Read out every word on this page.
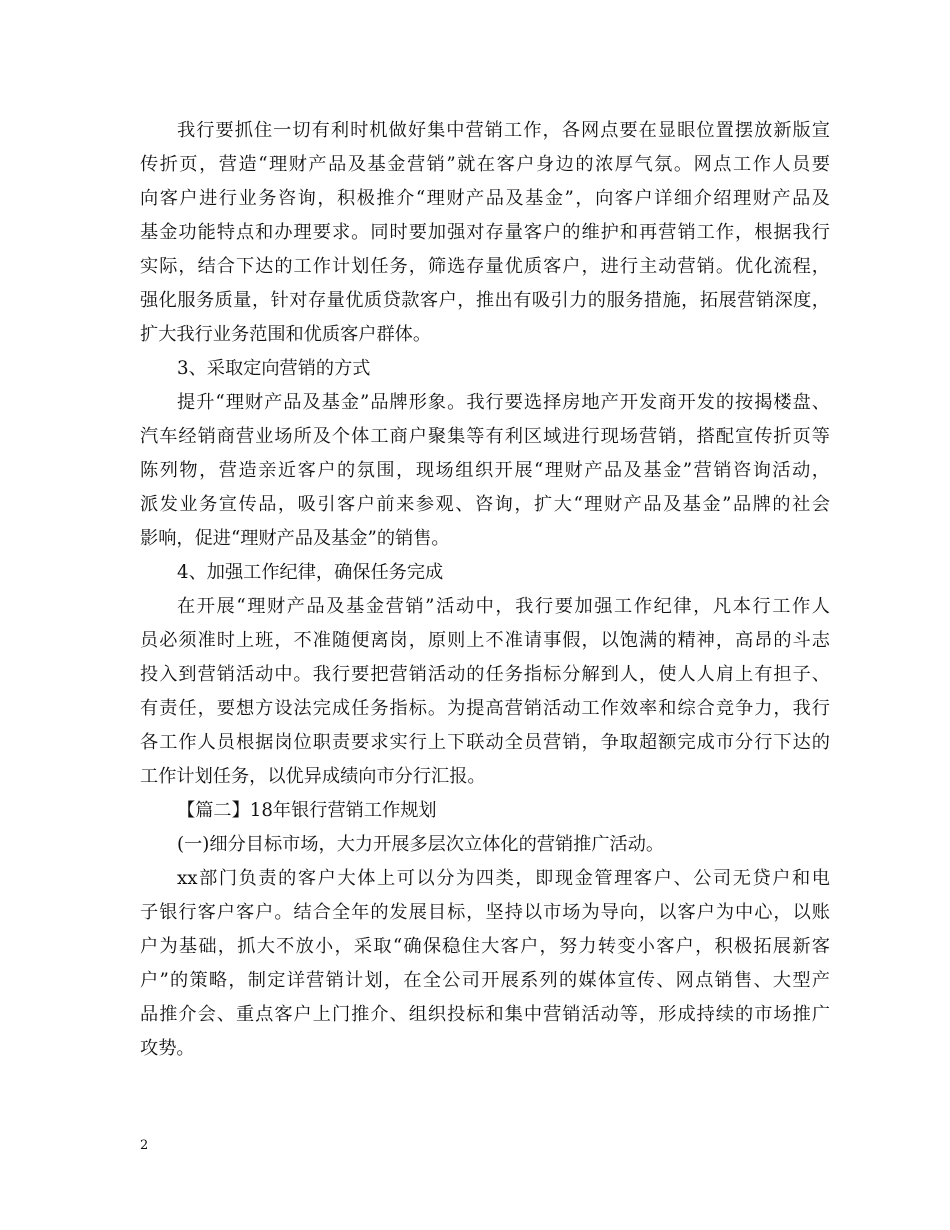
我行要抓住一切有利时机做好集中营销工作，各网点要在显眼位置摆放新版宣
传折页，营造“理财产品及基金营销”就在客户身边的浓厚气氛。网点工作人员要
向客户进行业务咨询，积极推介“理财产品及基金”，向客户详细介绍理财产品及
基金功能特点和办理要求。同时要加强对存量客户的维护和再营销工作，根据我行
实际，结合下达的工作计划任务，筛选存量优质客户，进行主动营销。优化流程，
强化服务质量，针对存量优质贷款客户，推出有吸引力的服务措施，拓展营销深度，
扩大我行业务范围和优质客户群体。
3、采取定向营销的方式
提升“理财产品及基金”品牌形象。我行要选择房地产开发商开发的按揭楼盘、
汽车经销商营业场所及个体工商户聚集等有利区域进行现场营销，搭配宣传折页等
陈列物，营造亲近客户的氛围，现场组织开展“理财产品及基金”营销咨询活动，
派发业务宣传品，吸引客户前来参观、咨询，扩大“理财产品及基金”品牌的社会
影响，促进“理财产品及基金”的销售。
4、加强工作纪律，确保任务完成
在开展“理财产品及基金营销”活动中，我行要加强工作纪律，凡本行工作人
员必须准时上班，不准随便离岗，原则上不准请事假，以饱满的精神，高昂的斗志
投入到营销活动中。我行要把营销活动的任务指标分解到人，使人人肩上有担子、
有责任，要想方设法完成任务指标。为提高营销活动工作效率和综合竞争力，我行
各工作人员根据岗位职责要求实行上下联动全员营销，争取超额完成市分行下达的
工作计划任务，以优异成绩向市分行汇报。
【篇二】18年银行营销工作规划
(一)细分目标市场，大力开展多层次立体化的营销推广活动。
xx部门负责的客户大体上可以分为四类，即现金管理客户、公司无贷户和电
子银行客户客户。结合全年的发展目标，坚持以市场为导向，以客户为中心，以账
户为基础，抓大不放小，采取“确保稳住大客户，努力转变小客户，积极拓展新客
户”的策略，制定详营销计划，在全公司开展系列的媒体宣传、网点销售、大型产
品推介会、重点客户上门推介、组织投标和集中营销活动等，形成持续的市场推广
攻势。
2
